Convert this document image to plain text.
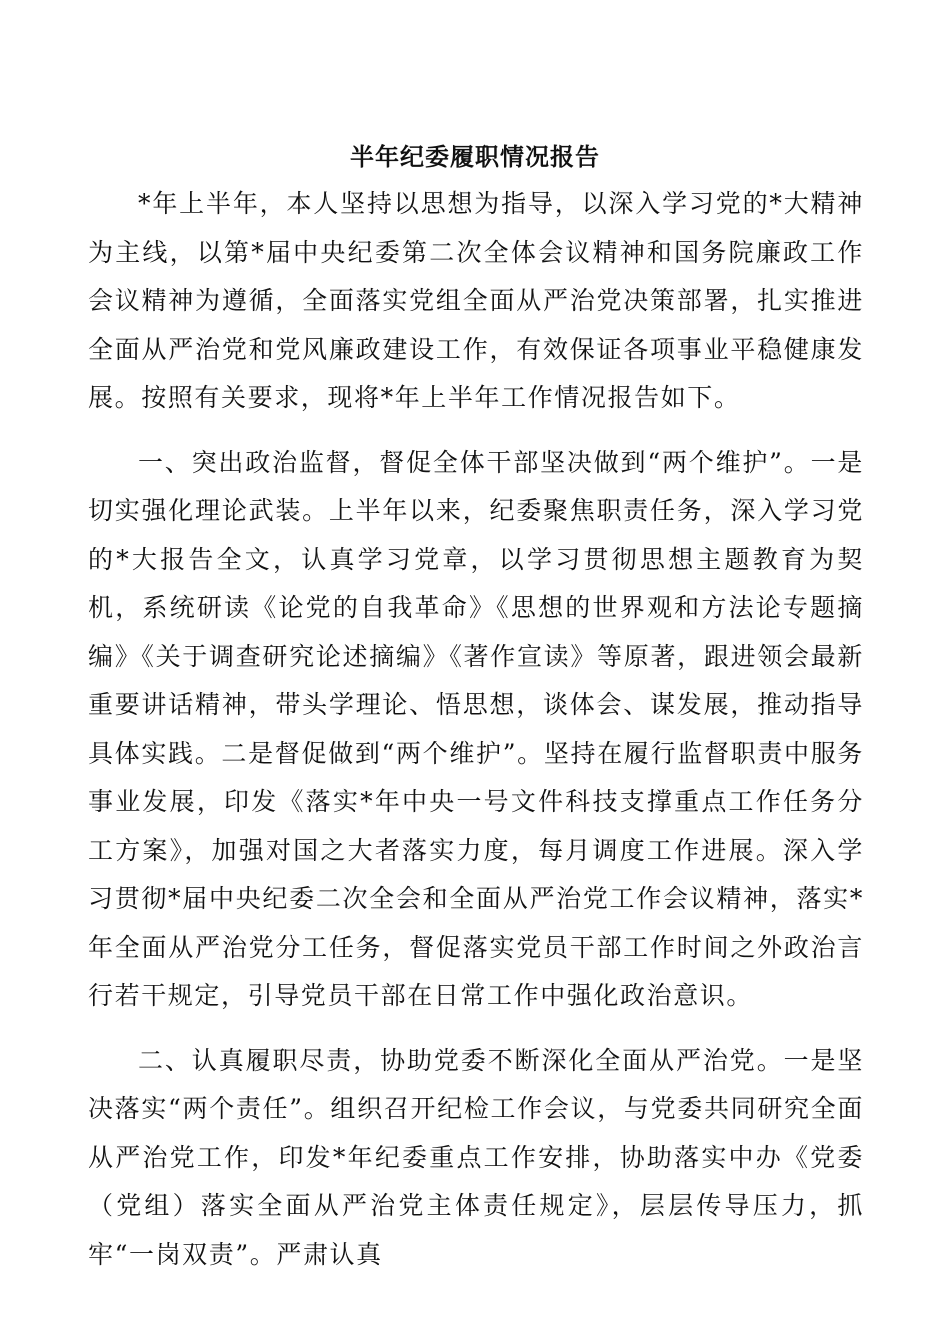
半年纪委履职情况报告

*年上半年，本人坚持以思想为指导，以深入学习党的*大精神为主线，以第*届中央纪委第二次全体会议精神和国务院廉政工作会议精神为遵循，全面落实党组全面从严治党决策部署，扎实推进全面从严治党和党风廉政建设工作，有效保证各项事业平稳健康发展。按照有关要求，现将*年上半年工作情况报告如下。

一、突出政治监督，督促全体干部坚决做到“两个维护”。一是切实强化理论武装。上半年以来，纪委聚焦职责任务，深入学习党的*大报告全文，认真学习党章，以学习贯彻思想主题教育为契机，系统研读《论党的自我革命》《思想的世界观和方法论专题摘编》《关于调查研究论述摘编》《著作宣读》等原著，跟进领会最新重要讲话精神，带头学理论、悟思想，谈体会、谋发展，推动指导具体实践。二是督促做到“两个维护”。坚持在履行监督职责中服务事业发展，印发《落实*年中央一号文件科技支撑重点工作任务分工方案》，加强对国之大者落实力度，每月调度工作进展。深入学习贯彻*届中央纪委二次全会和全面从严治党工作会议精神，落实*年全面从严治党分工任务，督促落实党员干部工作时间之外政治言行若干规定，引导党员干部在日常工作中强化政治意识。

二、认真履职尽责，协助党委不断深化全面从严治党。一是坚决落实“两个责任”。组织召开纪检工作会议，与党委共同研究全面从严治党工作，印发*年纪委重点工作安排，协助落实中办《党委（党组）落实全面从严治党主体责任规定》，层层传导压力，抓牢“一岗双责”。严肃认真
